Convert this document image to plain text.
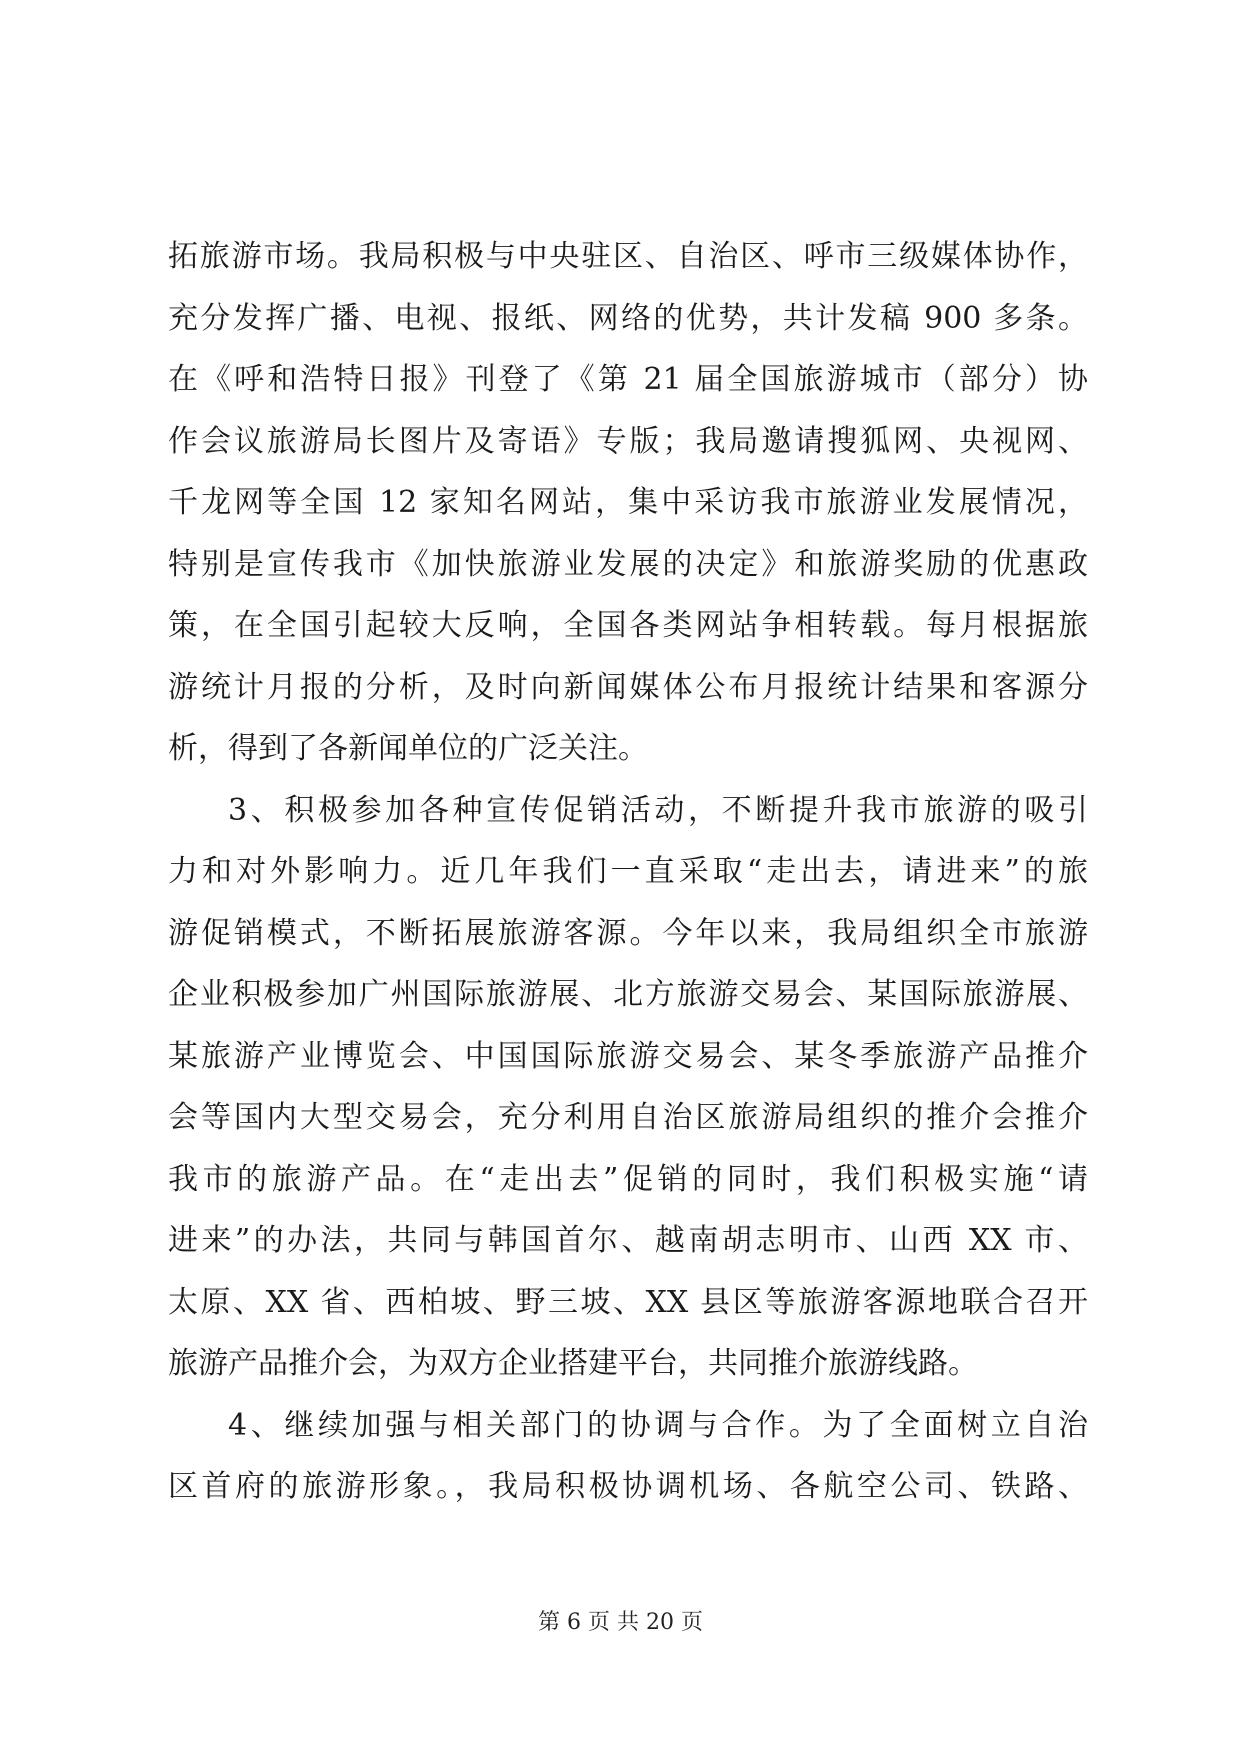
拓旅游市场。我局积极与中央驻区、自治区、呼市三级媒体协作，
充分发挥广播、电视、报纸、网络的优势，共计发稿 900 多条。
在《呼和浩特日报》刊登了《第 21 届全国旅游城市（部分）协
作会议旅游局长图片及寄语》专版；我局邀请搜狐网、央视网、
千龙网等全国 12 家知名网站，集中采访我市旅游业发展情况，
特别是宣传我市《加快旅游业发展的决定》和旅游奖励的优惠政
策，在全国引起较大反响，全国各类网站争相转载。每月根据旅
游统计月报的分析，及时向新闻媒体公布月报统计结果和客源分
析，得到了各新闻单位的广泛关注。
3、积极参加各种宣传促销活动，不断提升我市旅游的吸引
力和对外影响力。近几年我们一直采取“走出去，请进来”的旅
游促销模式，不断拓展旅游客源。今年以来，我局组织全市旅游
企业积极参加广州国际旅游展、北方旅游交易会、某国际旅游展、
某旅游产业博览会、中国国际旅游交易会、某冬季旅游产品推介
会等国内大型交易会，充分利用自治区旅游局组织的推介会推介
我市的旅游产品。在“走出去”促销的同时，我们积极实施“请
进来”的办法，共同与韩国首尔、越南胡志明市、山西 XX 市、
太原、XX 省、西柏坡、野三坡、XX 县区等旅游客源地联合召开
旅游产品推介会，为双方企业搭建平台，共同推介旅游线路。
4、继续加强与相关部门的协调与合作。为了全面树立自治
区首府的旅游形象。，我局积极协调机场、各航空公司、铁路、
第 6 页 共 20 页
